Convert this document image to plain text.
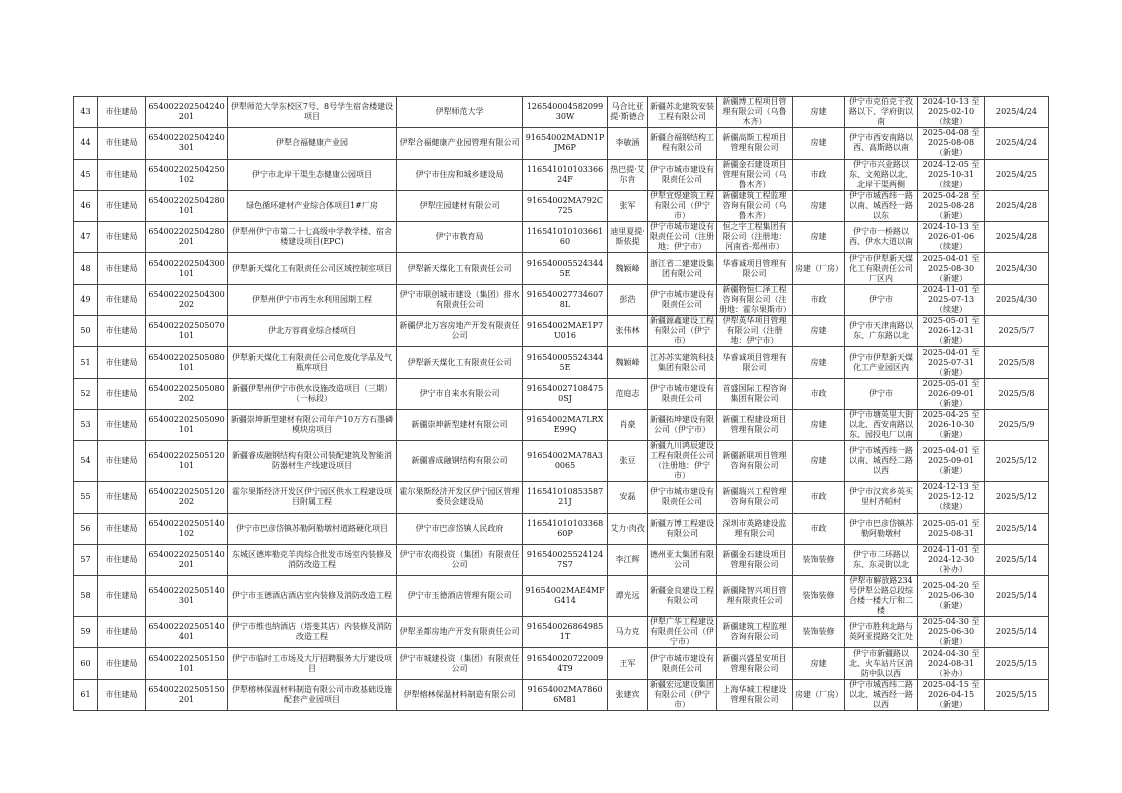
43	市住建局	654002202504240201	伊犁师范大学东校区7号、8号学生宿舍楼建设项目	伊犁师范大学	12654000458209930W	马合比亚提·斯德合	新疆苏北建筑安装工程有限公司	新疆博工程项目管理有限公司（乌鲁木齐）	房建	伊宁市克伯克于孜路以下、学府街以南	2024-10-13 至 2025-02-10（续建）	2025/4/24
44	市住建局	654002202504240301	伊犁合福健康产业园	伊犁合福健康产业园管理有限公司	91654002MADN1PJM6P	李敏涵	新疆合福钢结构工程有限公司	新疆高斯工程项目管理有限公司	房建	伊宁市西安南路以西、高斯路以南	2025-04-08 至 2025-08-08（新建）	2025/4/24
45	市住建局	654002202504250102	伊宁市北岸干渠生态健康公园项目	伊宁市住房和城乡建设局	11654101010336624F	热巴提·艾尔肯	伊宁市城市建设有限责任公司	新疆金石建设项目管理有限公司（乌鲁木齐）	市政	伊宁市兴业路以东、文苑路以北、北岸干渠两侧	2024-12-05 至 2025-10-31（续建）	2025/4/25
46	市住建局	654002202504280101	绿色循环建材产业综合体项目1#厂房	伊犁庄园建材有限公司	91654002MA792C725	张军	伊犁宣煜建筑工程有限公司（伊宁市）	新疆建筑工程监理咨询有限公司（乌鲁木齐）	房建	伊宁市城西纬一路以南、城西经一路以东	2025-04-28 至 2025-08-28（新建）	2025/4/28
47	市住建局	654002202504280201	伊犁州伊宁市第二十七高级中学教学楼、宿舍楼建设项目(EPC)	伊宁市教育局	11654101010366160	迪里夏提·斯依提	伊宁市城市建设有限责任公司（注册地：伊宁市）	恒之宇工程集团有限公司（注册地：河南省-郑州市）	房建	伊宁市一桥路以西、伊水大道以南	2024-10-13 至 2026-01-06（续建）	2025/4/28
48	市住建局	654002202504300101	伊犁新天煤化工有限责任公司区域控制室项目	伊犁新天煤化工有限责任公司	9165400055243445E	魏颖峰	浙江省二建建设集团有限公司	华睿诚项目管理有限公司	房建（厂房）	伊宁市伊犁新天煤化工有限责任公司厂区内	2025-04-01 至 2025-08-30（新建）	2025/4/30
49	市住建局	654002202504300202	伊犁州伊宁市再生水利用园期工程	伊宁市联创城市建设（集团）排水有限责任公司	9165400277346078L	彭浩	伊宁市城市建设有限责任公司	新疆物恒仁泽工程咨询有限公司（注册地：霍尔果斯市）	市政	伊宁市	2024-11-01 至 2025-07-13（续建）	2025/4/30
50	市住建局	654002202505070101	伊北万容商业综合楼项目	新疆伊北万容房地产开发有限责任公司	91654002MAE1P7U016	张伟林	新疆源鑫建设工程有限公司（伊宁市）	伊犁英华项目管理有限公司（注册地：伊宁市）	房建	伊宁市天津南路以东、广东路以北	2025-05-01 至 2026-12-31（新建）	2025/5/7
51	市住建局	654002202505080101	伊犁新天煤化工有限责任公司危废化学品及气瓶库项目	伊犁新天煤化工有限责任公司	9165400055243445E	魏颖峰	江苏苏实建筑科技集团有限公司	华睿诚项目管理有限公司	房建	伊宁市伊犁新天煤化工产业园区内	2025-04-01 至 2025-07-31（新建）	2025/5/8
52	市住建局	654002202505080202	新疆伊犁州伊宁市供水设施改造项目（三期）（一标段）	伊宁市自来水有限公司	9165400271084750SJ	范庭志	伊宁市城市建设有限责任公司	首盛国际工程咨询集团有限公司	市政	伊宁市	2025-05-01 至 2026-09-01（新建）	2025/5/8
53	市住建局	654002202505090101	新疆崇坤新型建材有限公司年产10万方石墨磷模块房项目	新疆崇坤新型建材有限公司	91654002MA7LRXE99Q	肖豪	新疆拓坤建设有限公司（伊宁市）	新疆工程建设项目管理有限公司	房建	伊宁市塘英里大街以北、西安南路以东、园投电厂以南	2025-04-25 至 2026-10-30（新建）	2025/5/9
54	市住建局	654002202505120101	新疆睿成融钢结构有限公司装配建筑及智能消防器材生产线建设项目	新疆睿成融钢结构有限公司	91654002MA78A30065	张豆	新疆九川鸿辰建设工程有限责任公司（注册地：伊宁市）	新疆新联项目管理咨询有限公司	房建	伊宁市城西纬一路以南、城西经二路以西	2025-04-01 至 2025-09-01（新建）	2025/5/12
55	市住建局	654002202505120202	霍尔果斯经济开发区伊宁园区供水工程建设项目附属工程	霍尔果斯经济开发区伊宁园区管理委员会建设局	11654101085358721J	安磊	伊宁市城市建设有限责任公司	新疆瑞兴工程管理咨询有限公司	市政	伊宁市汉宾乡英买里村齐帕村	2024-12-13 至 2025-12-12（续建）	2025/5/12
56	市住建局	654002202505140102	伊宁市巴彦岱镇苏勒阿勒墩村道路硬化项目	伊宁市巴彦岱镇人民政府	11654101010336860P	艾力·肉孜	新疆万博工程建设有限公司	深圳市英路建设监理有限公司	市政	伊宁市巴彦岱镇苏勒阿勒墩村	2025-05-01 至 2025-08-31	2025/5/14
57	市住建局	654002202505140201	东城区德库勒克羊肉综合批发市场室内装修及消防改造工程	伊宁市农商投资（集团）有限责任公司	9165400255241247S7	李江辉	德州亚太集团有限公司	新疆金石建设项目管理有限公司	装饰装修	伊宁市二环路以东、东灵街以北	2024-11-01 至 2024-12-30（补办）	2025/5/14
58	市住建局	654002202505140301	伊宁市玉德酒店酒店室内装修及消防改造工程	伊宁市玉德酒店管理有限公司	91654002MAE4MFG414	谭光远	新疆金良建设工程有限公司	新疆隆智兴项目管理有限责任公司	装饰装修	伊犁市解放路234号伊犁公路总段综合楼一楼大厅和二楼	2025-04-20 至 2025-06-30（新建）	2025/5/14
59	市住建局	654002202505140401	伊宁市维也纳酒店（塔斐其店）内装修及消防改造工程	伊犁圣都房地产开发有限责任公司	9165400268649851T	马力克	伊犁广华工程建设有限责任公司（伊宁市）	新疆建筑工程监理咨询有限公司	装饰装修	伊宁市胜利北路与英阿亚提路交汇处	2025-04-30 至 2025-06-30（新建）	2025/5/14
60	市住建局	654002202505150101	伊宁市临时工市场及大厅招聘服务大厅建设项目	伊宁市城建投资（集团）有限责任公司	9165400207220094T9	王军	伊宁市城市建设有限责任公司	新疆兴盛星安项目管理有限公司	房建	伊宁市新疆路以北、火车站片区消防中队以西	2024-04-30 至 2024-08-31（补办）	2025/5/15
61	市住建局	654002202505150201	伊犁榕林保温材料制造有限公司市政基础设施配套产业园项目	伊犁榕林保温材料制造有限公司	91654002MA78606M81	张建宾	新疆宏远建设集团有限公司（伊宁市）	上海华城工程建设管理有限公司	房建（厂房）	伊宁市城西纬二路以北、城西经一路以西	2025-04-15 至 2026-04-15（新建）	2025/5/15
